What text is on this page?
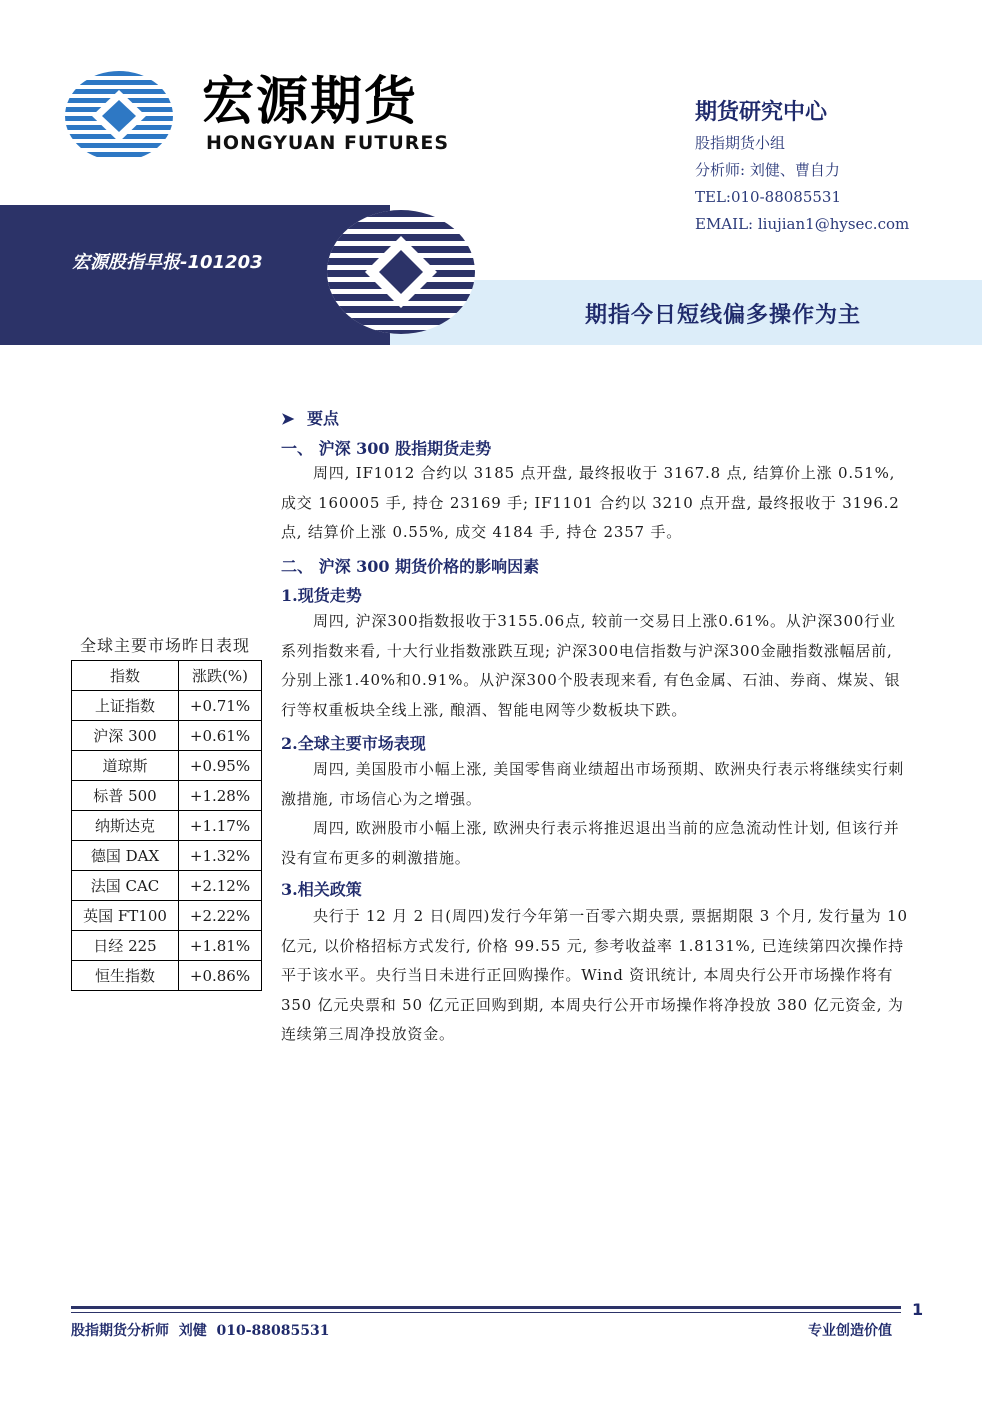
宏源期货
HONGYUAN FUTURES
期货研究中心
股指期货小组
分析师: 刘健、曹自力
TEL:010-88085531
EMAIL: liujian1@hysec.com
宏源股指早报-101203
期指今日短线偏多操作为主
➤ 要点
一、 沪深 300 股指期货走势
周四, IF1012 合约以 3185 点开盘, 最终报收于 3167.8 点, 结算价上涨 0.51%, 成交 160005 手, 持仓 23169 手; IF1101 合约以 3210 点开盘, 最终报收于 3196.2 点, 结算价上涨 0.55%, 成交 4184 手, 持仓 2357 手。
二、 沪深 300 期货价格的影响因素
1.现货走势
周四, 沪深300指数报收于3155.06点, 较前一交易日上涨0.61%。从沪深300行业系列指数来看, 十大行业指数涨跌互现; 沪深300电信指数与沪深300金融指数涨幅居前, 分别上涨1.40%和0.91%。从沪深300个股表现来看, 有色金属、石油、券商、煤炭、银行等权重板块全线上涨, 酿酒、智能电网等少数板块下跌。
2.全球主要市场表现
周四, 美国股市小幅上涨, 美国零售商业绩超出市场预期、欧洲央行表示将继续实行刺激措施, 市场信心为之增强。
周四, 欧洲股市小幅上涨, 欧洲央行表示将推迟退出当前的应急流动性计划, 但该行并没有宣布更多的刺激措施。
3.相关政策
央行于 12 月 2 日(周四)发行今年第一百零六期央票, 票据期限 3 个月, 发行量为 10 亿元, 以价格招标方式发行, 价格 99.55 元, 参考收益率 1.8131%, 已连续第四次操作持平于该水平。央行当日未进行正回购操作。Wind 资讯统计, 本周央行公开市场操作将有 350 亿元央票和 50 亿元正回购到期, 本周央行公开市场操作将净投放 380 亿元资金, 为连续第三周净投放资金。
全球主要市场昨日表现
指数	涨跌(%)
上证指数	+0.71%
沪深 300	+0.61%
道琼斯	+0.95%
标普 500	+1.28%
纳斯达克	+1.17%
德国 DAX	+1.32%
法国 CAC	+2.12%
英国 FT100	+2.22%
日经 225	+1.81%
恒生指数	+0.86%
1
股指期货分析师  刘健  010-88085531	专业创造价值
